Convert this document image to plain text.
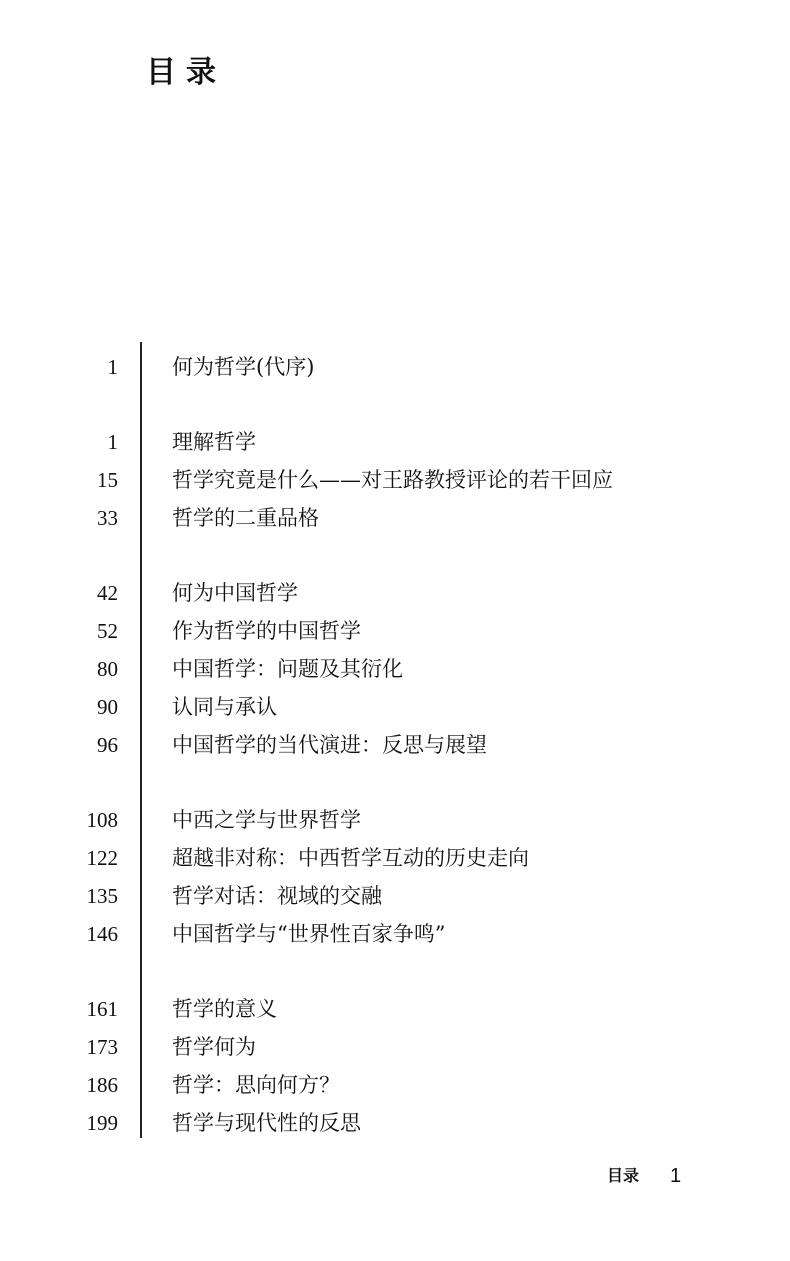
目录
1	何为哲学(代序)
1	理解哲学
15	哲学究竟是什么——对王路教授评论的若干回应
33	哲学的二重品格
42	何为中国哲学
52	作为哲学的中国哲学
80	中国哲学：问题及其衍化
90	认同与承认
96	中国哲学的当代演进：反思与展望
108	中西之学与世界哲学
122	超越非对称：中西哲学互动的历史走向
135	哲学对话：视域的交融
146	中国哲学与“世界性百家争鸣”
161	哲学的意义
173	哲学何为
186	哲学：思向何方？
199	哲学与现代性的反思
目录 1
